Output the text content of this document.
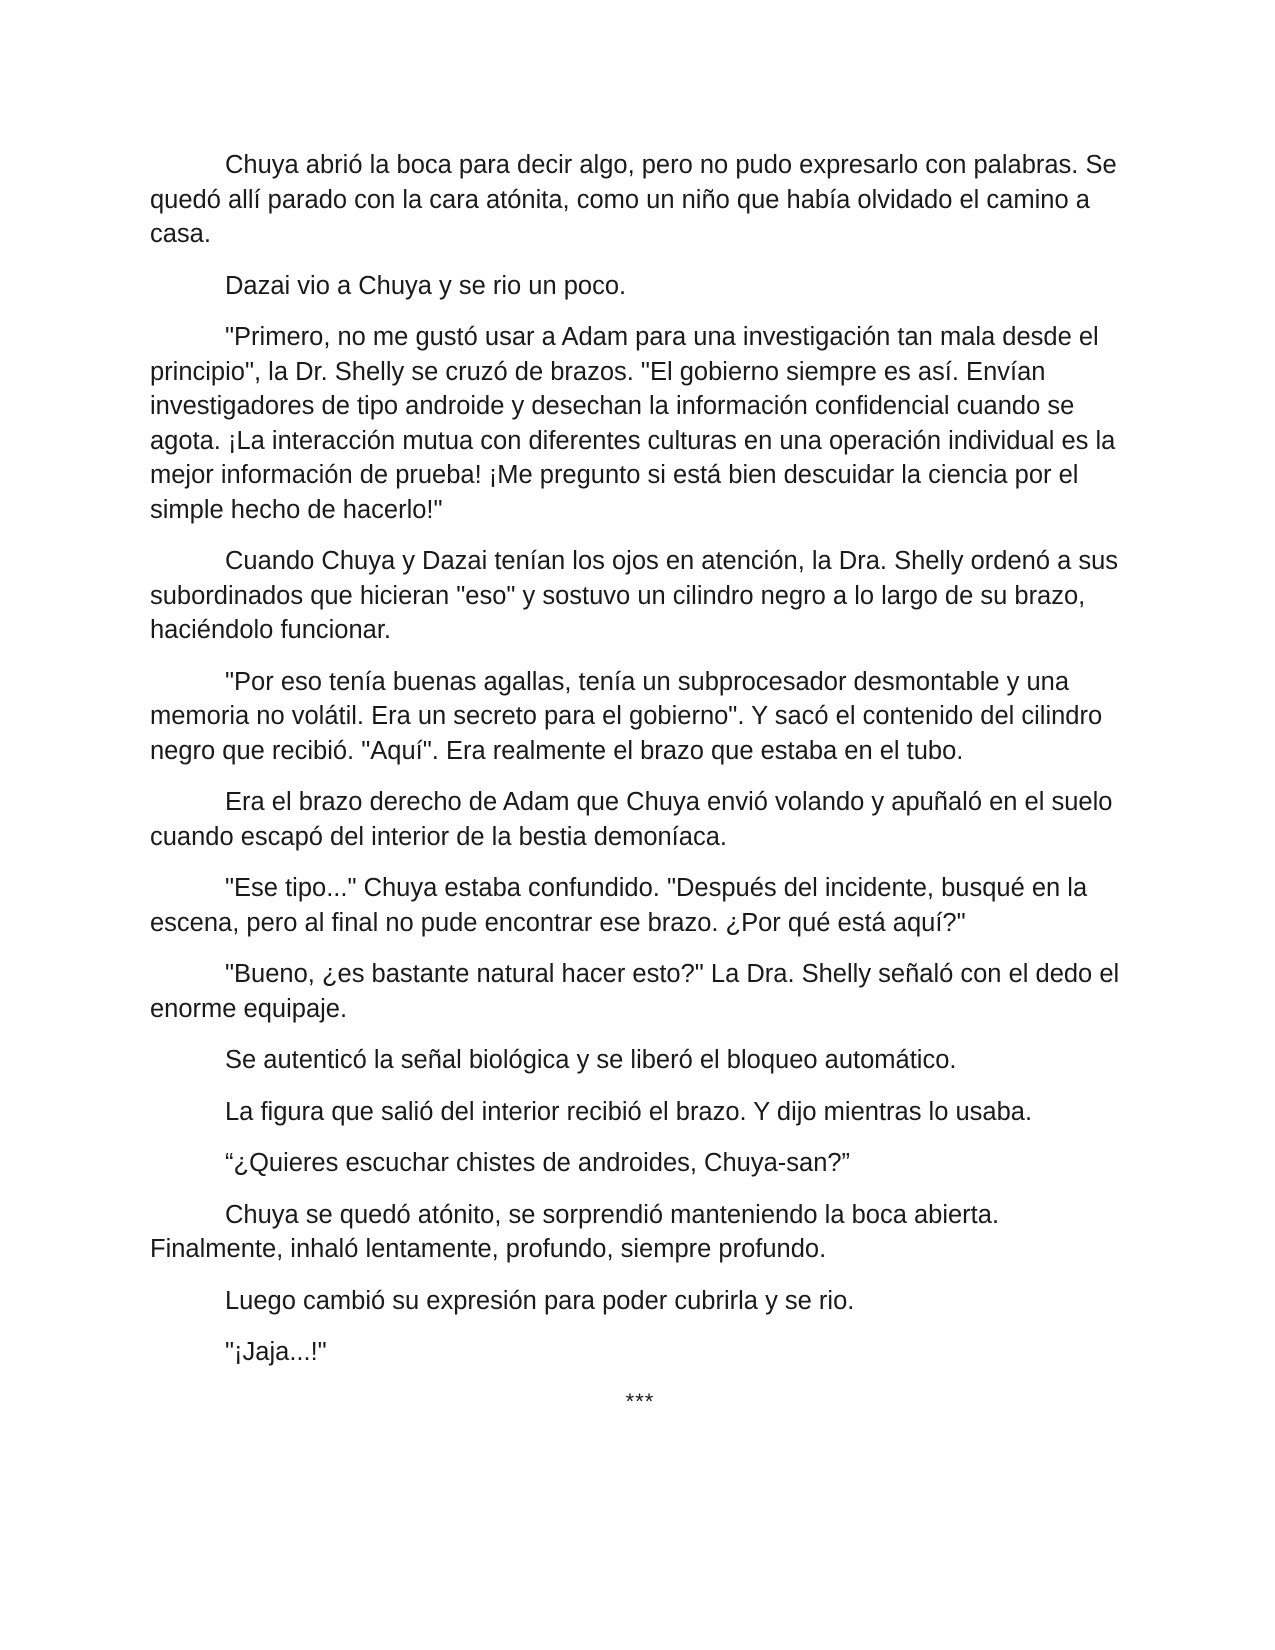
Chuya abrió la boca para decir algo, pero no pudo expresarlo con palabras. Se quedó allí parado con la cara atónita, como un niño que había olvidado el camino a casa.

Dazai vio a Chuya y se rio un poco.

"Primero, no me gustó usar a Adam para una investigación tan mala desde el principio", la Dr. Shelly se cruzó de brazos. "El gobierno siempre es así. Envían investigadores de tipo androide y desechan la información confidencial cuando se agota. ¡La interacción mutua con diferentes culturas en una operación individual es la mejor información de prueba! ¡Me pregunto si está bien descuidar la ciencia por el simple hecho de hacerlo!"

Cuando Chuya y Dazai tenían los ojos en atención, la Dra. Shelly ordenó a sus subordinados que hicieran "eso" y sostuvo un cilindro negro a lo largo de su brazo, haciéndolo funcionar.

"Por eso tenía buenas agallas, tenía un subprocesador desmontable y una memoria no volátil. Era un secreto para el gobierno". Y sacó el contenido del cilindro negro que recibió. "Aquí". Era realmente el brazo que estaba en el tubo.

Era el brazo derecho de Adam que Chuya envió volando y apuñaló en el suelo cuando escapó del interior de la bestia demoníaca.

"Ese tipo..." Chuya estaba confundido. "Después del incidente, busqué en la escena, pero al final no pude encontrar ese brazo. ¿Por qué está aquí?"

"Bueno, ¿es bastante natural hacer esto?" La Dra. Shelly señaló con el dedo el enorme equipaje.

Se autenticó la señal biológica y se liberó el bloqueo automático.

La figura que salió del interior recibió el brazo. Y dijo mientras lo usaba.

“¿Quieres escuchar chistes de androides, Chuya-san?”

Chuya se quedó atónito, se sorprendió manteniendo la boca abierta. Finalmente, inhaló lentamente, profundo, siempre profundo.

Luego cambió su expresión para poder cubrirla y se rio.

"¡Jaja...!"

***
